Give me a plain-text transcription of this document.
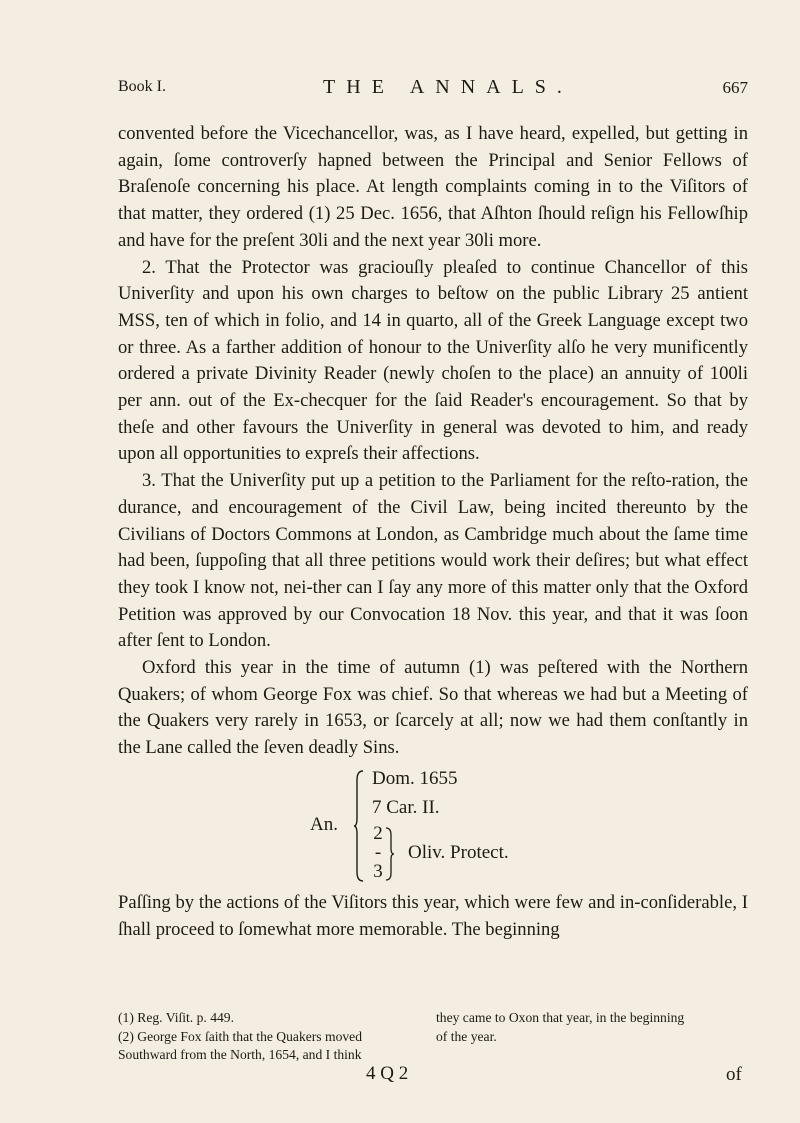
Book I.	THE ANNALS.	667

convented before the Vicechancellor, was, as I have heard, expelled, but getting in again, ſome controverſy hapned between the Principal and Senior Fellows of Braſenoſe concerning his place. At length complaints coming in to the Viſitors of that matter, they ordered (1) 25 Dec. 1656, that Aſhton ſhould reſign his Fellowſhip and have for the preſent 30li and the next year 30li more.

2. That the Protector was graciouſly pleaſed to continue Chancellor of this Univerſity and upon his own charges to beſtow on the public Library 25 antient MSS, ten of which in folio, and 14 in quarto, all of the Greek Language except two or three. As a farther addition of honour to the Univerſity alſo he very munificently ordered a private Divinity Reader (newly choſen to the place) an annuity of 100li per ann. out of the Ex-checquer for the ſaid Reader's encouragement. So that by theſe and other favours the Univerſity in general was devoted to him, and ready upon all opportunities to expreſs their affections.

3. That the Univerſity put up a petition to the Parliament for the reſto-ration, the durance, and encouragement of the Civil Law, being incited thereunto by the Civilians of Doctors Commons at London, as Cambridge much about the ſame time had been, ſuppoſing that all three petitions would work their deſires; but what effect they took I know not, nei-ther can I ſay any more of this matter only that the Oxford Petition was approved by our Convocation 18 Nov. this year, and that it was ſoon after ſent to London.

Oxford this year in the time of autumn (1) was peſtered with the Northern Quakers; of whom George Fox was chief. So that whereas we had but a Meeting of the Quakers very rarely in 1653, or ſcarcely at all; now we had them conſtantly in the Lane called the ſeven deadly Sins.

An.
Dom. 1655
7 Car. II.
2
-
3
Oliv. Protect.

Paſſing by the actions of the Viſitors this year, which were few and in-conſiderable, I ſhall proceed to ſomewhat more memorable. The beginning

(1) Reg. Viſit. p. 449.
(2) George Fox ſaith that the Quakers moved
Southward from the North, 1654, and I think
they came to Oxon that year, in the beginning
of the year.
4 Q 2	of
